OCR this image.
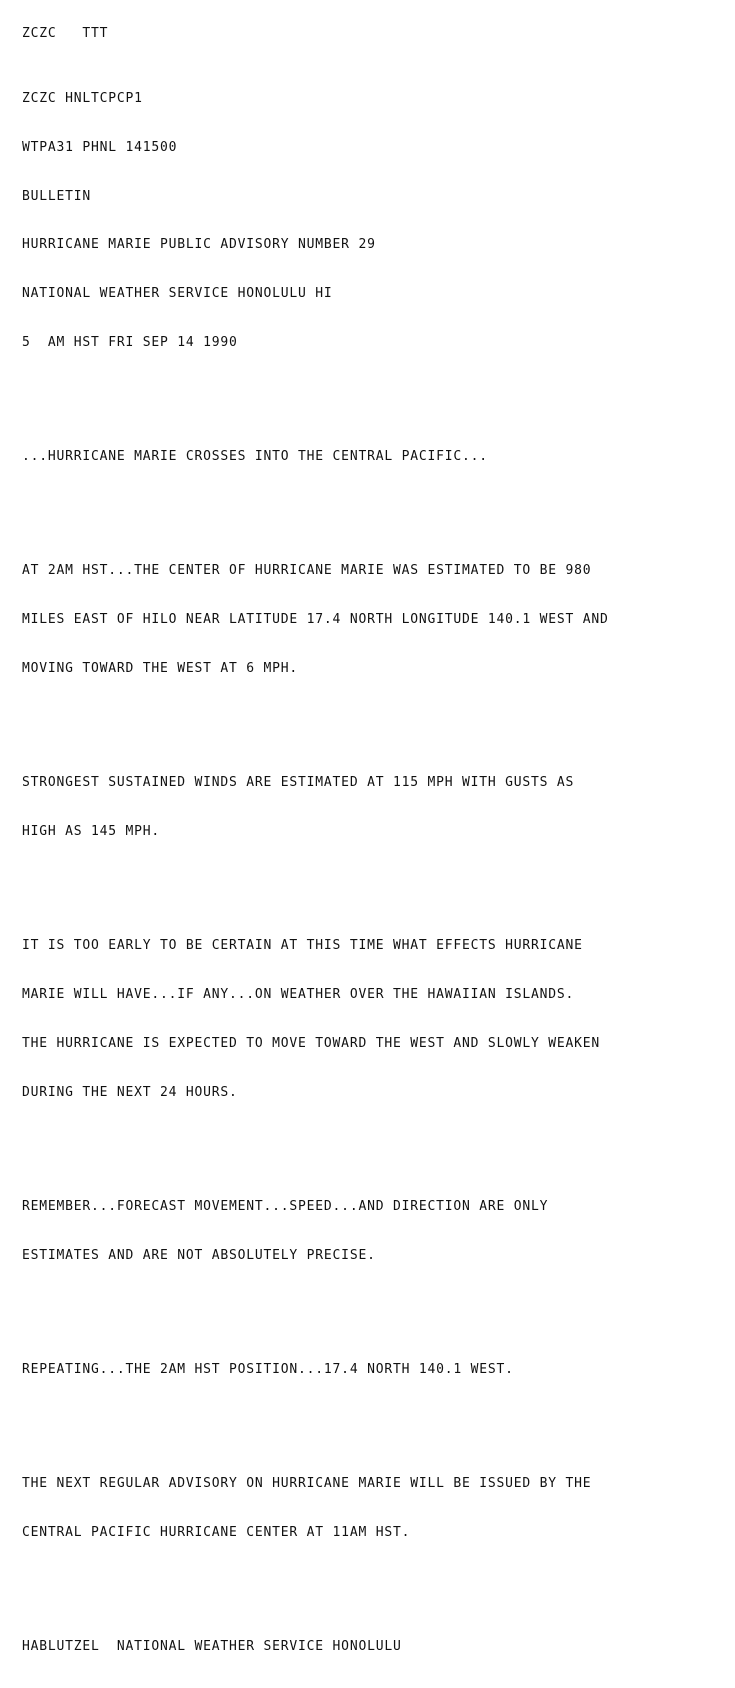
ZCZC   TTT

ZCZC HNLTCPCP1

WTPA31 PHNL 141500

BULLETIN

HURRICANE MARIE PUBLIC ADVISORY NUMBER 29

NATIONAL WEATHER SERVICE HONOLULU HI

5  AM HST FRI SEP 14 1990

...HURRICANE MARIE CROSSES INTO THE CENTRAL PACIFIC...

AT 2AM HST...THE CENTER OF HURRICANE MARIE WAS ESTIMATED TO BE 980

MILES EAST OF HILO NEAR LATITUDE 17.4 NORTH LONGITUDE 140.1 WEST AND

MOVING TOWARD THE WEST AT 6 MPH.

STRONGEST SUSTAINED WINDS ARE ESTIMATED AT 115 MPH WITH GUSTS AS

HIGH AS 145 MPH.

IT IS TOO EARLY TO BE CERTAIN AT THIS TIME WHAT EFFECTS HURRICANE

MARIE WILL HAVE...IF ANY...ON WEATHER OVER THE HAWAIIAN ISLANDS.

THE HURRICANE IS EXPECTED TO MOVE TOWARD THE WEST AND SLOWLY WEAKEN

DURING THE NEXT 24 HOURS.

REMEMBER...FORECAST MOVEMENT...SPEED...AND DIRECTION ARE ONLY

ESTIMATES AND ARE NOT ABSOLUTELY PRECISE.

REPEATING...THE 2AM HST POSITION...17.4 NORTH 140.1 WEST.

THE NEXT REGULAR ADVISORY ON HURRICANE MARIE WILL BE ISSUED BY THE

CENTRAL PACIFIC HURRICANE CENTER AT 11AM HST.

HABLUTZEL  NATIONAL WEATHER SERVICE HONOLULU
